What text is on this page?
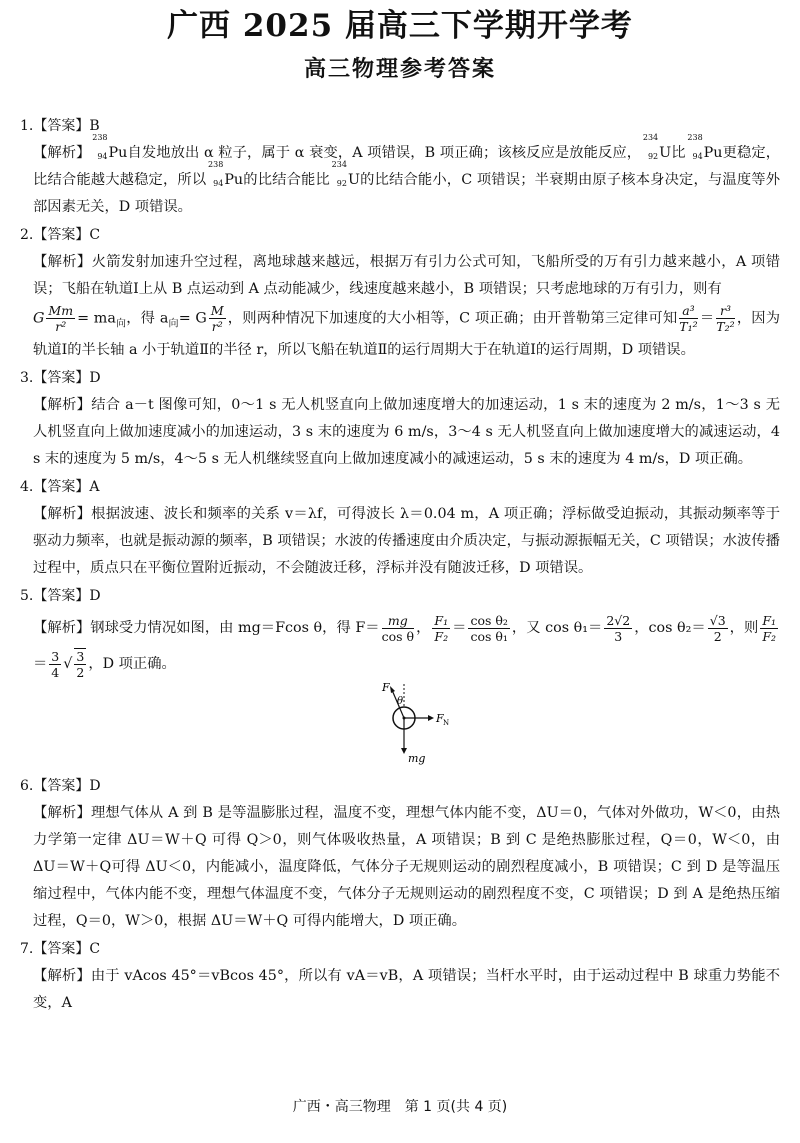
广西 2025 届高三下学期开学考
高三物理参考答案
1.【答案】B
【解析】
238
94 Pu自发地放出 α 粒子，属于 α 衰变，A 项错误，B 项正确；该核反应是放能反应，
234
92 U比
238
94 Pu更稳定，比结合能越大越稳定，所以
238
94 Pu的比结合能比
234
92 U的比结合能小，C 项错误；半衰期由原子核本身决定，与温度等外部因素无关，D 项错误。
2.【答案】C
【解析】火箭发射加速升空过程，离地球越来越远，根据万有引力公式可知，飞船所受的万有引力越来越小，A 项错误；飞船在轨道Ⅰ上从 B 点运动到 A 点动能减少，线速度越来越小，B 项错误；只考虑地球的万有引力，则有
G $\frac{Mm}{\text{r²}} = ma_向$，得 $a_向= G \frac{M}{\text{r²}}$ ，则两种情况下加速度的大小相等，C 项正确；由开普勒第三定律可知 $\frac{\text{a³}}{\text{T₁²}} = \frac{\text{r³}}{\text{T₂²}}$ ，因为轨道Ⅰ的半长轴 a 小于轨道Ⅱ的半径 r，所以飞船在轨道Ⅱ的运行周期大于在轨道Ⅰ的运行周期，D 项错误。
3.【答案】D
【解析】结合 a－t 图像可知，0～1 s 无人机竖直向上做加速度增大的加速运动，1 s 末的速度为 2 m/s，1～3 s 无人机竖直向上做加速度减小的加速运动，3 s 末的速度为 6 m/s，3～4 s 无人机竖直向上做加速度增大的减速运动，4 s 末的速度为 5 m/s，4～5 s 无人机继续竖直向上做加速度减小的减速运动，5 s 末的速度为 4 m/s，D 项正确。
4.【答案】A
【解析】根据波速、波长和频率的关系 v＝λf，可得波长 λ＝0.04 m，A 项正确；浮标做受迫振动，其振动频率等于驱动力频率，也就是振动源的频率，B 项错误；水波的传播速度由介质决定，与振动源振幅无关，C 项错误；水波传播过程中，质点只在平衡位置附近振动，不会随波迁移，浮标并没有随波迁移，D 项错误。
5.【答案】D
【解析】钢球受力情况如图，由 mg＝Fcos θ，得 $F= \frac{mg}{\text{cos θ}}$ ， $\frac{\text{F₁}}{\text{F₂}} = \frac{\text{cos θ₂}}{\text{cos θ₁}}$ ，又 $\cos \theta_1= \frac{2√2}{3}$ ，$\cos \theta_2= \frac{√3}{2}$ ，则 $\frac{\text{F₁}}{\text{F₂}}$
＝ $\frac{3}{4}$ √ $\frac{3}{2}$ ，D 项正确。
F
θ
F N
mg
6.【答案】D
【解析】理想气体从 A 到 B 是等温膨胀过程，温度不变，理想气体内能不变，ΔU＝0，气体对外做功，W＜0，由热力学第一定律 ΔU＝W＋Q 可得 Q＞0，则气体吸收热量，A 项错误；B 到 C 是绝热膨胀过程，Q＝0，W＜0，由 ΔU＝W＋Q可得 ΔU＜0，内能减小，温度降低，气体分子无规则运动的剧烈程度减小，B 项错误；C 到 D 是等温压缩过程中，气体内能不变，理想气体温度不变，气体分子无规则运动的剧烈程度不变，C 项错误；D 到 A 是绝热压缩过程，Q＝0，W＞0，根据 ΔU＝W＋Q 可得内能增大，D 项正确。
7.【答案】C
【解析】由于 vAcos 45°＝vBcos 45°，所以有 vA＝vB，A 项错误；当杆水平时，由于运动过程中 B 球重力势能不变，A
广西・高三物理　第 1 页(共 4 页)
